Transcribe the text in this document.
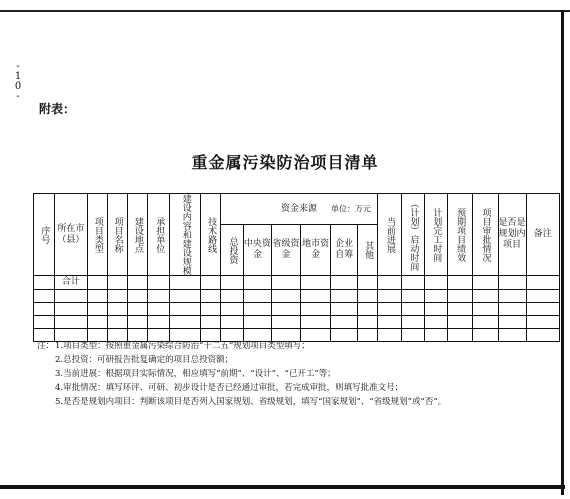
-
1
0
-
附表：
重金属污染防治项目清单
序号	所在市（县）	项目类型	项目名称	建设地点	承担单位	建设内容和建设规模	技术路线	资金来源 单位：万元						当前进展	（计划）启动时间	计划完工时间	预期项目绩效	项目审批情况	是否是规划内项目	备注
								总投资	中央资金	省级资金	地市资金	企业自筹	其他							
	合计																			

注： 1.项目类型：按照重金属污染综合防治“十二五”规划项目类型填写；
2.总投资：可研报告批复确定的项目总投资额；
3.当前进展：根据项目实际情况，相应填写“前期”、“设计”、“已开工”等；
4.审批情况：填写环评、可研、初步设计是否已经通过审批，若完成审批，则填写批准文号；
5.是否是规划内项目：判断该项目是否列入国家规划、省级规划，填写“国家规划”、“省级规划”或“否”。
